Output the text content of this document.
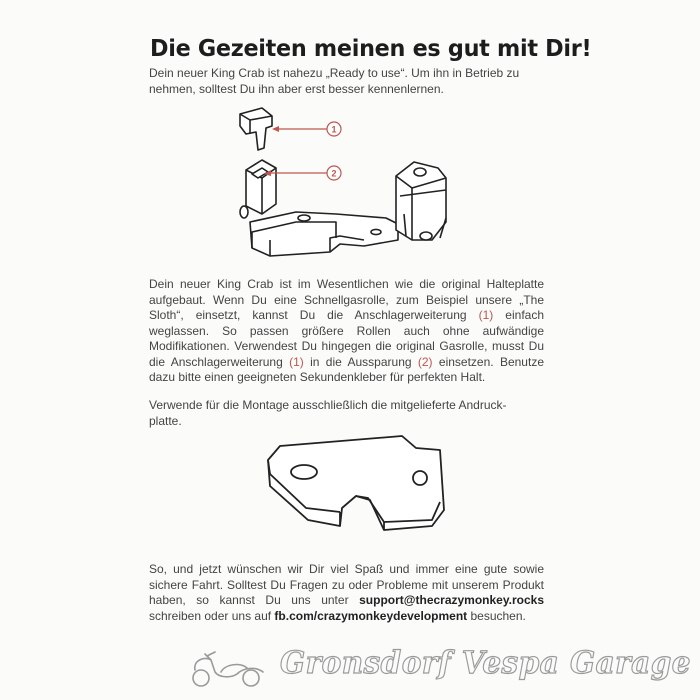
Die Gezeiten meinen es gut mit Dir!

Dein neuer King Crab ist nahezu „Ready to use“. Um ihn in Betrieb zu nehmen, solltest Du ihn aber erst besser kennenlernen.

1
2

Dein neuer King Crab ist im Wesentlichen wie die original Halteplatte aufgebaut. Wenn Du eine Schnellgasrolle, zum Beispiel unsere „The Sloth“, einsetzt, kannst Du die Anschlagerweiterung (1) einfach weglassen. So passen größere Rollen auch ohne aufwändige Modifikationen. Verwendest Du hingegen die original Gasrolle, musst Du die Anschlagerweiterung (1) in die Aussparung (2) einsetzen. Benutze dazu bitte einen geeigneten Sekundenkleber für perfekten Halt.

Verwende für die Montage ausschließlich die mitgelieferte Andruck-
platte.

So, und jetzt wünschen wir Dir viel Spaß und immer eine gute sowie sichere Fahrt. Solltest Du Fragen zu oder Probleme mit unserem Produkt haben, so kannst Du uns unter support@thecrazymonkey.rocks schreiben oder uns auf fb.com/crazymonkeydevelopment besuchen.

Gronsdorf Vespa Garage
